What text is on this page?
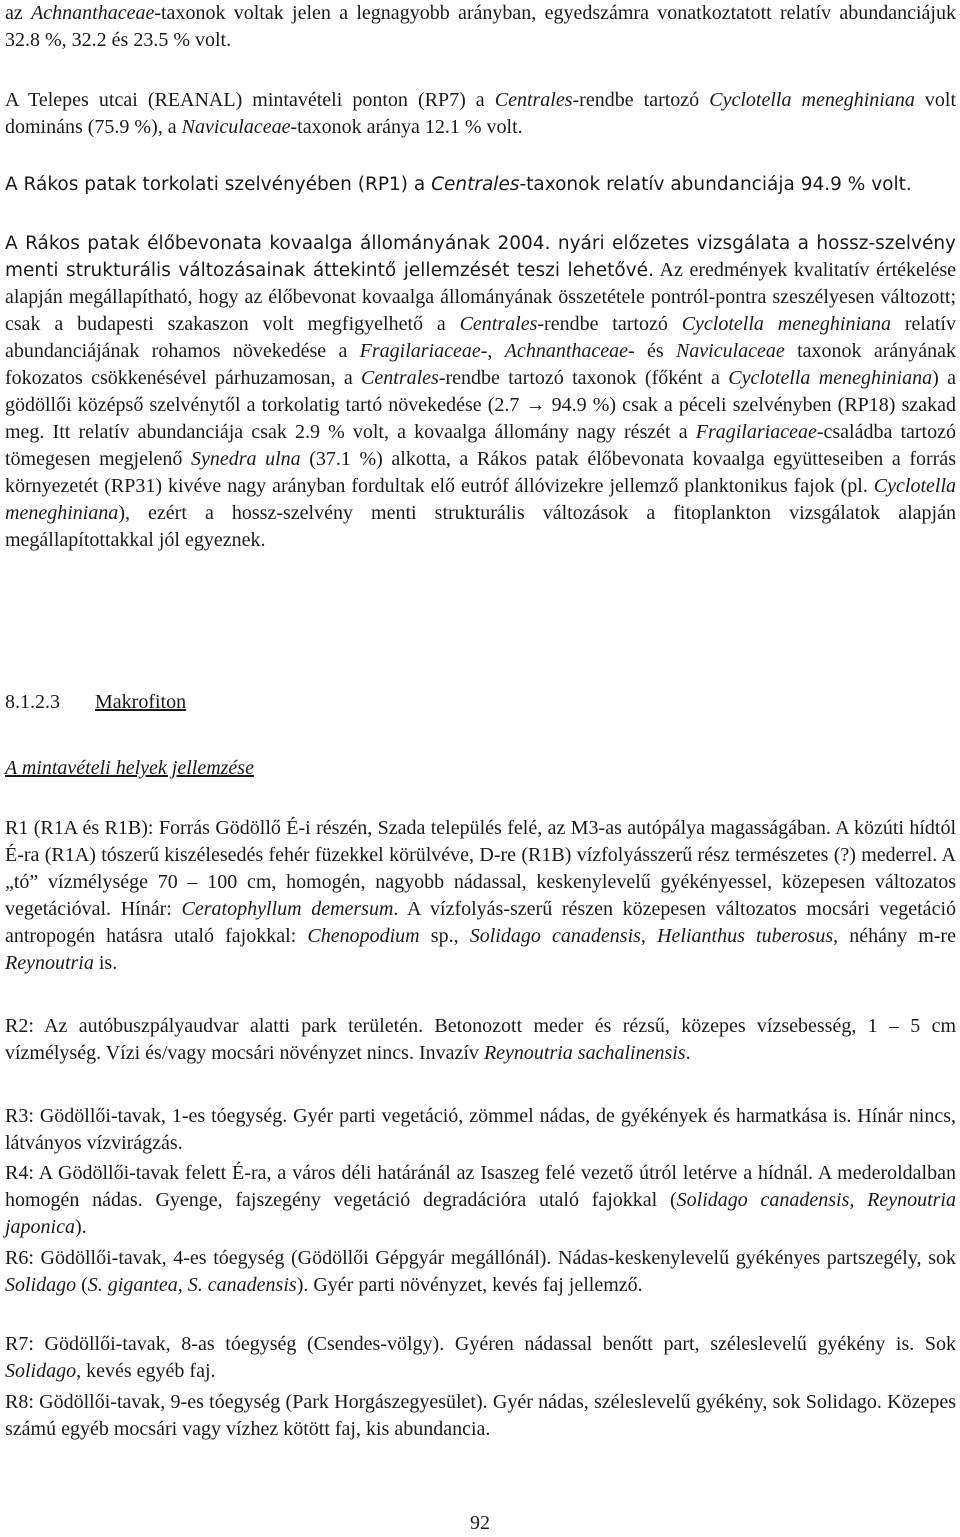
az Achnanthaceae-taxonok voltak jelen a legnagyobb arányban, egyedszámra vonatkoztatott relatív abundanciájuk 32.8 %, 32.2 és 23.5 % volt.

A Telepes utcai (REANAL) mintavételi ponton (RP7) a Centrales-rendbe tartozó Cyclotella meneghiniana volt domináns (75.9 %), a Naviculaceae-taxonok aránya 12.1 % volt.

A Rákos patak torkolati szelvényében (RP1) a Centrales-taxonok relatív abundanciája 94.9 % volt.

A Rákos patak élőbevonata kovaalga állományának 2004. nyári előzetes vizsgálata a hossz-szelvény menti strukturális változásainak áttekintő jellemzését teszi lehetővé. Az eredmények kvalitatív értékelése alapján megállapítható, hogy az élőbevonat kovaalga állományának összetétele pontról-pontra szeszélyesen változott; csak a budapesti szakaszon volt megfigyelhető a Centrales-rendbe tartozó Cyclotella meneghiniana relatív abundanciájának rohamos növekedése a Fragilariaceae-, Achnanthaceae- és Naviculaceae taxonok arányának fokozatos csökkenésével párhuzamosan, a Centrales-rendbe tartozó taxonok (főként a Cyclotella meneghiniana) a gödöllői középső szelvénytől a torkolatig tartó növekedése (2.7 → 94.9 %) csak a péceli szelvényben (RP18) szakad meg. Itt relatív abundanciája csak 2.9 % volt, a kovaalga állomány nagy részét a Fragilariaceae-családba tartozó tömegesen megjelenő Synedra ulna (37.1 %) alkotta, a Rákos patak élőbevonata kovaalga együtteseiben a forrás környezetét (RP31) kivéve nagy arányban fordultak elő eutróf állóvizekre jellemző planktonikus fajok (pl. Cyclotella meneghiniana), ezért a hossz-szelvény menti strukturális változások a fitoplankton vizsgálatok alapján megállapítottakkal jól egyeznek.

8.1.2.3 Makrofiton

A mintavételi helyek jellemzése

R1 (R1A és R1B): Forrás Gödöllő É-i részén, Szada település felé, az M3-as autópálya magasságában. A közúti hídtól É-ra (R1A) tószerű kiszélesedés fehér füzekkel körülvéve, D-re (R1B) vízfolyásszerű rész természetes (?) mederrel. A „tó” vízmélysége 70 – 100 cm, homogén, nagyobb nádassal, keskenylevelű gyékényessel, közepesen változatos vegetációval. Hínár: Ceratophyllum demersum. A vízfolyás-szerű részen közepesen változatos mocsári vegetáció antropogén hatásra utaló fajokkal: Chenopodium sp., Solidago canadensis, Helianthus tuberosus, néhány m-re Reynoutria is.

R2: Az autóbuszpályaudvar alatti park területén. Betonozott meder és rézsű, közepes vízsebesség, 1 – 5 cm vízmélység. Vízi és/vagy mocsári növényzet nincs. Invazív Reynoutria sachalinensis.

R3: Gödöllői-tavak, 1-es tóegység. Gyér parti vegetáció, zömmel nádas, de gyékények és harmatkása is. Hínár nincs, látványos vízvirágzás.

R4: A Gödöllői-tavak felett É-ra, a város déli határánál az Isaszeg felé vezető útról letérve a hídnál. A mederoldalban homogén nádas. Gyenge, fajszegény vegetáció degradációra utaló fajokkal (Solidago canadensis, Reynoutria japonica).

R6: Gödöllői-tavak, 4-es tóegység (Gödöllői Gépgyár megállónál). Nádas-keskenylevelű gyékényes partszegély, sok Solidago (S. gigantea, S. canadensis). Gyér parti növényzet, kevés faj jellemző.

R7: Gödöllői-tavak, 8-as tóegység (Csendes-völgy). Gyéren nádassal benőtt part, széleslevelű gyékény is. Sok Solidago, kevés egyéb faj.

R8: Gödöllői-tavak, 9-es tóegység (Park Horgászegyesület). Gyér nádas, széleslevelű gyékény, sok Solidago. Közepes számú egyéb mocsári vagy vízhez kötött faj, kis abundancia.

92
